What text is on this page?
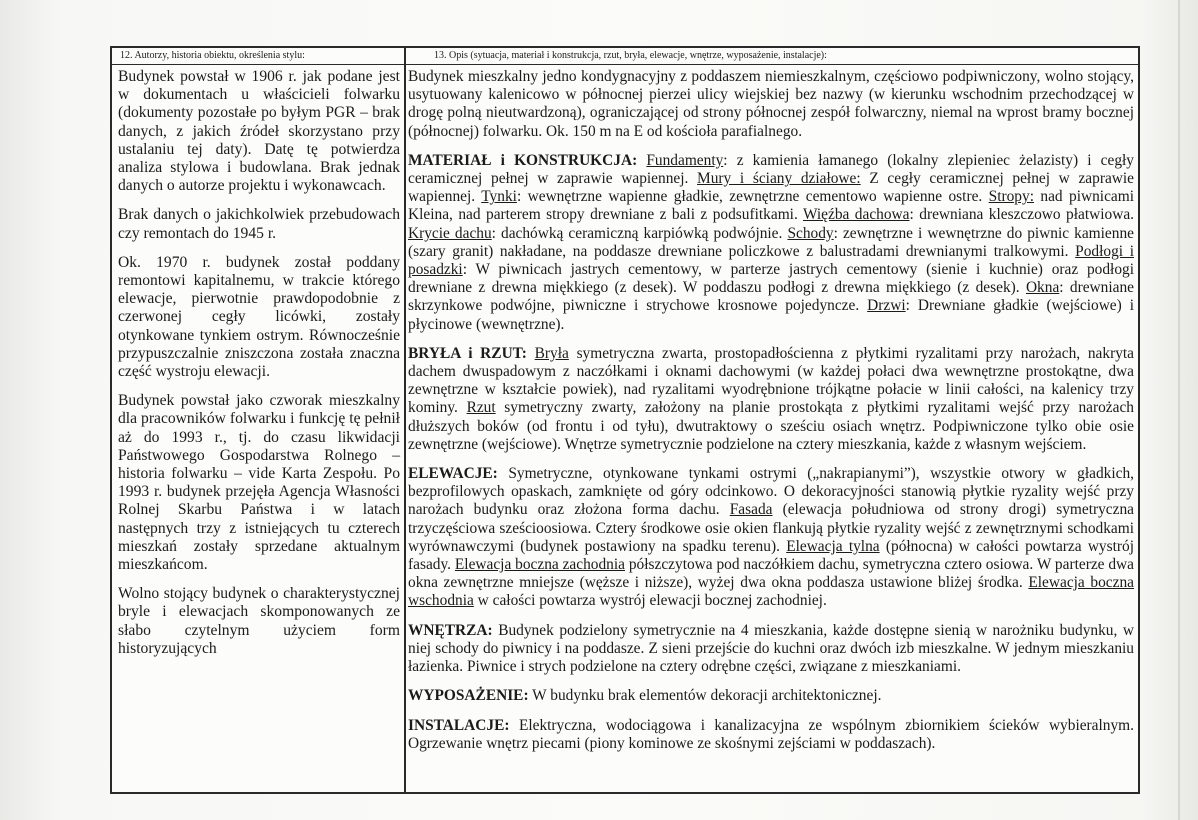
12. Autorzy, historia obiektu, określenia stylu:	13. Opis (sytuacja, materiał i konstrukcja, rzut, bryła, elewacje, wnętrze, wyposażenie, instalacje):

Budynek powstał w 1906 r. jak podane jest w dokumentach u właścicieli folwarku (dokumenty pozostałe po byłym PGR – brak danych, z jakich źródeł skorzystano przy ustalaniu tej daty). Datę tę potwierdza analiza stylowa i budowlana. Brak jednak danych o autorze projektu i wykonawcach.

Brak danych o jakichkolwiek przebudowach czy remontach do 1945 r.

Ok. 1970 r. budynek został poddany remontowi kapitalnemu, w trakcie którego elewacje, pierwotnie prawdopodobnie z czerwonej cegły licówki, zostały otynkowane tynkiem ostrym. Równocześnie przypuszczalnie zniszczona została znaczna część wystroju elewacji.

Budynek powstał jako czworak mieszkalny dla pracowników folwarku i funkcję tę pełnił aż do 1993 r., tj. do czasu likwidacji Państwowego Gospodarstwa Rolnego – historia folwarku – vide Karta Zespołu. Po 1993 r. budynek przejęła Agencja Własności Rolnej Skarbu Państwa i w latach następnych trzy z istniejących tu czterech mieszkań zostały sprzedane aktualnym mieszkańcom.

Wolno stojący budynek o charakterystycznej bryle i elewacjach skomponowanych ze słabo czytelnym użyciem form historyzujących

Budynek mieszkalny jedno kondygnacyjny z poddaszem niemieszkalnym, częściowo podpiwniczony, wolno stojący, usytuowany kalenicowo w północnej pierzei ulicy wiejskiej bez nazwy (w kierunku wschodnim przechodzącej w drogę polną nieutwardzoną), ograniczającej od strony północnej zespół folwarczny, niemal na wprost bramy bocznej (północnej) folwarku. Ok. 150 m na E od kościoła parafialnego.

MATERIAŁ i KONSTRUKCJA: Fundamenty: z kamienia łamanego (lokalny zlepieniec żelazisty) i cegły ceramicznej pełnej w zaprawie wapiennej. Mury i ściany działowe: Z cegły ceramicznej pełnej w zaprawie wapiennej. Tynki: wewnętrzne wapienne gładkie, zewnętrzne cementowo wapienne ostre. Stropy: nad piwnicami Kleina, nad parterem stropy drewniane z bali z podsufitkami. Więźba dachowa: drewniana kleszczowo płatwiowa. Krycie dachu: dachówką ceramiczną karpiówką podwójnie. Schody: zewnętrzne i wewnętrzne do piwnic kamienne (szary granit) nakładane, na poddasze drewniane policzkowe z balustradami drewnianymi tralkowymi. Podłogi i posadzki: W piwnicach jastrych cementowy, w parterze jastrych cementowy (sienie i kuchnie) oraz podłogi drewniane z drewna miękkiego (z desek). W poddaszu podłogi z drewna miękkiego (z desek). Okna: drewniane skrzynkowe podwójne, piwniczne i strychowe krosnowe pojedyncze. Drzwi: Drewniane gładkie (wejściowe) i płycinowe (wewnętrzne).

BRYŁA i RZUT: Bryła symetryczna zwarta, prostopadłościenna z płytkimi ryzalitami przy narożach, nakryta dachem dwuspadowym z naczółkami i oknami dachowymi (w każdej połaci dwa wewnętrzne prostokątne, dwa zewnętrzne w kształcie powiek), nad ryzalitami wyodrębnione trójkątne połacie w linii całości, na kalenicy trzy kominy. Rzut symetryczny zwarty, założony na planie prostokąta z płytkimi ryzalitami wejść przy narożach dłuższych boków (od frontu i od tyłu), dwutraktowy o sześciu osiach wnętrz. Podpiwniczone tylko obie osie zewnętrzne (wejściowe). Wnętrze symetrycznie podzielone na cztery mieszkania, każde z własnym wejściem.

ELEWACJE: Symetryczne, otynkowane tynkami ostrymi („nakrapianymi”), wszystkie otwory w gładkich, bezprofilowych opaskach, zamknięte od góry odcinkowo. O dekoracyjności stanowią płytkie ryzality wejść przy narożach budynku oraz złożona forma dachu. Fasada (elewacja południowa od strony drogi) symetryczna trzyczęściowa sześcioosiowa. Cztery środkowe osie okien flankują płytkie ryzality wejść z zewnętrznymi schodkami wyrównawczymi (budynek postawiony na spadku terenu). Elewacja tylna (północna) w całości powtarza wystrój fasady. Elewacja boczna zachodnia półszczytowa pod naczółkiem dachu, symetryczna cztero osiowa. W parterze dwa okna zewnętrzne mniejsze (węższe i niższe), wyżej dwa okna poddasza ustawione bliżej środka. Elewacja boczna wschodnia w całości powtarza wystrój elewacji bocznej zachodniej.

WNĘTRZA: Budynek podzielony symetrycznie na 4 mieszkania, każde dostępne sienią w narożniku budynku, w niej schody do piwnicy i na poddasze. Z sieni przejście do kuchni oraz dwóch izb mieszkalne. W jednym mieszkaniu łazienka. Piwnice i strych podzielone na cztery odrębne części, związane z mieszkaniami.

WYPOSAŻENIE: W budynku brak elementów dekoracji architektonicznej.

INSTALACJE: Elektryczna, wodociągowa i kanalizacyjna ze wspólnym zbiornikiem ścieków wybieralnym. Ogrzewanie wnętrz piecami (piony kominowe ze skośnymi zejściami w poddaszach).
